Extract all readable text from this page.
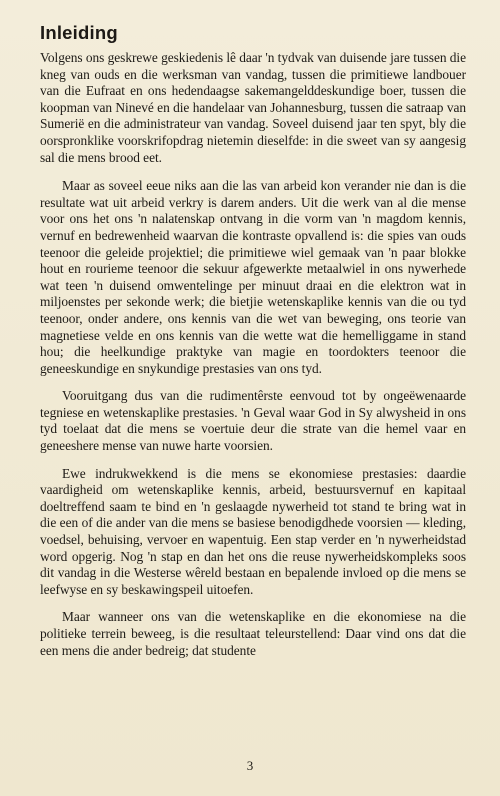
Inleiding

Volgens ons geskrewe geskiedenis lê daar 'n tydvak van duisende jare tussen die kneg van ouds en die werksman van vandag, tussen die primitiewe landbouer van die Eufraat en ons hedendaagse sakemangelddeskundige boer, tussen die koopman van Ninevé en die handelaar van Johannesburg, tussen die satraap van Sumerië en die administrateur van vandag. Soveel duisend jaar ten spyt, bly die oorspronklike voorskrifopdrag nietemin dieselfde: in die sweet van sy aangesig sal die mens brood eet.

Maar as soveel eeue niks aan die las van arbeid kon verander nie dan is die resultate wat uit arbeid verkry is darem anders. Uit die werk van al die mense voor ons het ons 'n nalatenskap ontvang in die vorm van 'n magdom kennis, vernuf en bedrewenheid waarvan die kontraste opvallend is: die spies van ouds teenoor die geleide projektiel; die primitiewe wiel gemaak van 'n paar blokke hout en rourieme teenoor die sekuur afgewerkte metaalwiel in ons nywerhede wat teen 'n duisend omwentelinge per minuut draai en die elektron wat in miljoenstes per sekonde werk; die bietjie wetenskaplike kennis van die ou tyd teenoor, onder andere, ons kennis van die wet van beweging, ons teorie van magnetiese velde en ons kennis van die wette wat die hemelliggame in stand hou; die heelkundige praktyke van magie en toordokters teenoor die geneeskundige en snykundige prestasies van ons tyd.

Vooruitgang dus van die rudimentêrste eenvoud tot by ongeëwenaarde tegniese en wetenskaplike prestasies. 'n Geval waar God in Sy alwysheid in ons tyd toelaat dat die mens se voertuie deur die strate van die hemel vaar en geneeshere mense van nuwe harte voorsien.

Ewe indrukwekkend is die mens se ekonomiese prestasies: daardie vaardigheid om wetenskaplike kennis, arbeid, bestuursvernuf en kapitaal doeltreffend saam te bind en 'n geslaagde nywerheid tot stand te bring wat in die een of die ander van die mens se basiese benodigdhede voorsien — kleding, voedsel, behuising, vervoer en wapentuig. Een stap verder en 'n nywerheidstad word opgerig. Nog 'n stap en dan het ons die reuse nywerheidskompleks soos dit vandag in die Westerse wêreld bestaan en bepalende invloed op die mens se leefwyse en sy beskawingspeil uitoefen.

Maar wanneer ons van die wetenskaplike en die ekonomiese na die politieke terrein beweeg, is die resultaat teleurstellend: Daar vind ons dat die een mens die ander bedreig; dat studente

3
